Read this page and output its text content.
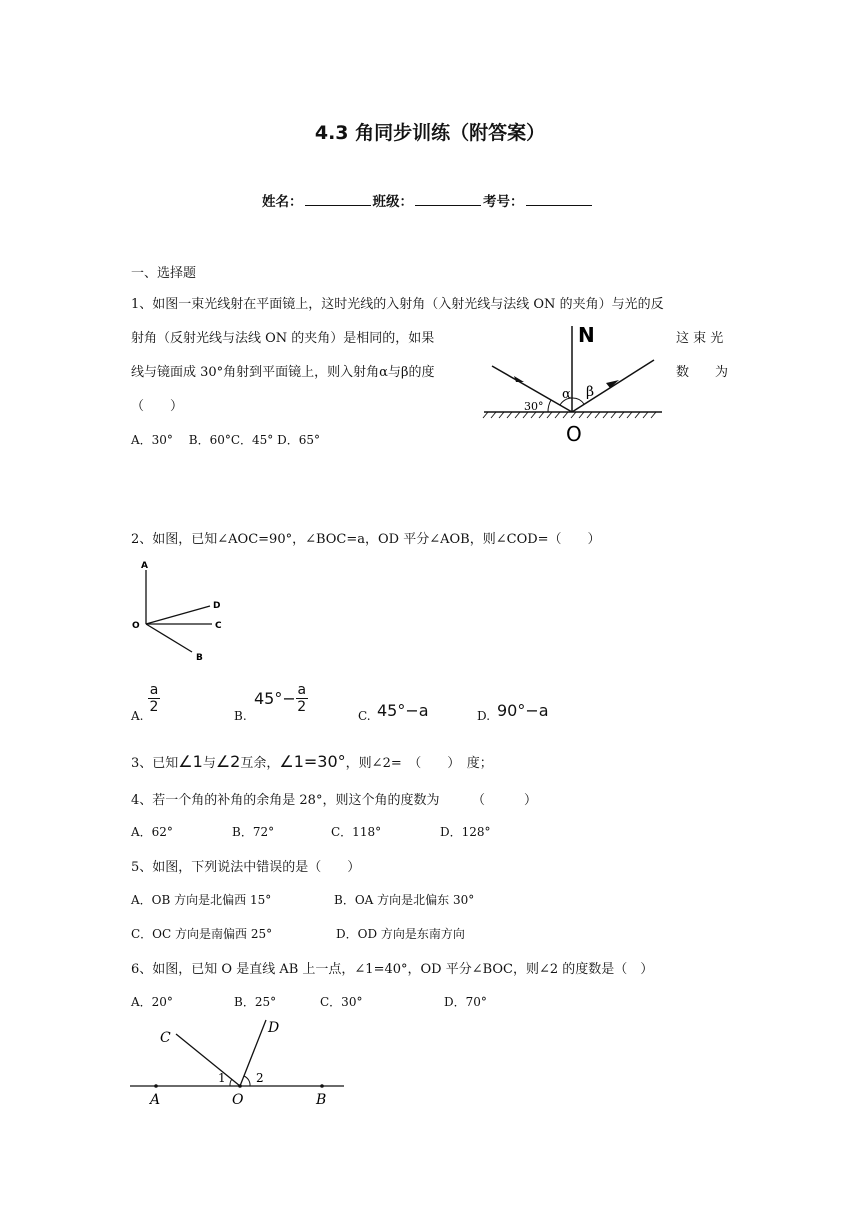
4.3 角同步训练（附答案）
姓名：	班级：	考号：
一、选择题
1、如图一束光线射在平面镜上，这时光线的入射角（入射光线与法线 ON 的夹角）与光的反
射角（反射光线与法线 ON 的夹角）是相同的，如果	这 束 光
线与镜面成 30°角射到平面镜上，则入射角α与β的度	数　　为
（　　）
A．30°　 B．60°C．45° D．65°
N
O
30°
α β
2、如图，已知∠AOC=90°，∠BOC=a，OD 平分∠AOB，则∠COD=（　　）
A
D
C
B
O
A.
$\frac{a}{2}$
B.
$45^\circ-\frac{a}{2}$
C. 45°−a	D. 90°−a
3、已知∠1与∠2互余，∠1=30°，则∠2=　（　　）　度；
4、若一个角的补角的余角是 28°，则这个角的度数为　　　（　　　）
A．62°	B．72°	C．118°	D．128°
5、如图，下列说法中错误的是（　　）
A．OB 方向是北偏西 15°	B．OA 方向是北偏东 30°
C．OC 方向是南偏西 25°	D．OD 方向是东南方向
6、如图，已知 O 是直线 AB 上一点，∠1=40°，OD 平分∠BOC，则∠2 的度数是（　）
A．20°	B．25°	C．30°	D．70°
C
D
A	O	B
1	2
